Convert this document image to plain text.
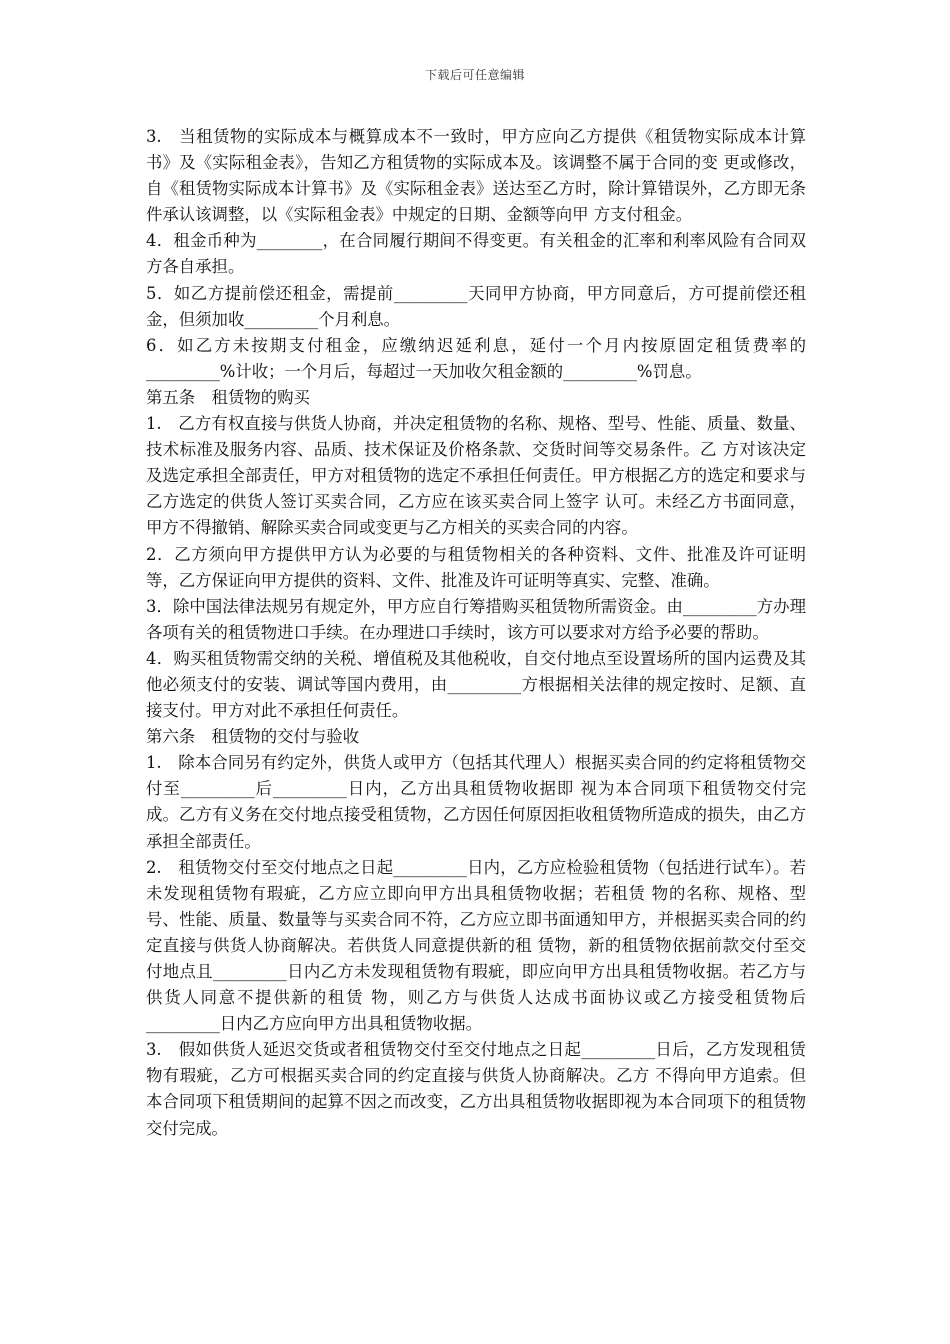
下载后可任意编辑

3.　当租赁物的实际成本与概算成本不一致时，甲方应向乙方提供《租赁物实际成本计算书》及《实际租金表》，告知乙方租赁物的实际成本及。该调整不属于合同的变 更或修改，自《租赁物实际成本计算书》及《实际租金表》送达至乙方时，除计算错误外，乙方即无条件承认该调整，以《实际租金表》中规定的日期、金额等向甲 方支付租金。

4．租金币种为________，在合同履行期间不得变更。有关租金的汇率和利率风险有合同双方各自承担。

5．如乙方提前偿还租金，需提前_________天同甲方协商，甲方同意后，方可提前偿还租金，但须加收_________个月利息。

6．如乙方未按期支付租金，应缴纳迟延利息，延付一个月内按原固定租赁费率的_________%计收；一个月后，每超过一天加收欠租金额的_________%罚息。

第五条　租赁物的购买

1.　乙方有权直接与供货人协商，并决定租赁物的名称、规格、型号、性能、质量、数量、技术标准及服务内容、品质、技术保证及价格条款、交货时间等交易条件。乙 方对该决定及选定承担全部责任，甲方对租赁物的选定不承担任何责任。甲方根据乙方的选定和要求与乙方选定的供货人签订买卖合同，乙方应在该买卖合同上签字 认可。未经乙方书面同意，甲方不得撤销、解除买卖合同或变更与乙方相关的买卖合同的内容。

2．乙方须向甲方提供甲方认为必要的与租赁物相关的各种资料、文件、批准及许可证明等，乙方保证向甲方提供的资料、文件、批准及许可证明等真实、完整、准确。

3．除中国法律法规另有规定外，甲方应自行筹措购买租赁物所需资金。由_________方办理各项有关的租赁物进口手续。在办理进口手续时，该方可以要求对方给予必要的帮助。

4．购买租赁物需交纳的关税、增值税及其他税收，自交付地点至设置场所的国内运费及其他必须支付的安装、调试等国内费用，由_________方根据相关法律的规定按时、足额、直接支付。甲方对此不承担任何责任。

第六条　租赁物的交付与验收

1.　除本合同另有约定外，供货人或甲方（包括其代理人）根据买卖合同的约定将租赁物交付至_________后_________日内，乙方出具租赁物收据即 视为本合同项下租赁物交付完成。乙方有义务在交付地点接受租赁物，乙方因任何原因拒收租赁物所造成的损失，由乙方承担全部责任。

2.　租赁物交付至交付地点之日起_________日内，乙方应检验租赁物（包括进行试车）。若未发现租赁物有瑕疵，乙方应立即向甲方出具租赁物收据；若租赁 物的名称、规格、型号、性能、质量、数量等与买卖合同不符，乙方应立即书面通知甲方，并根据买卖合同的约定直接与供货人协商解决。若供货人同意提供新的租 赁物，新的租赁物依据前款交付至交付地点且_________日内乙方未发现租赁物有瑕疵，即应向甲方出具租赁物收据。若乙方与供货人同意不提供新的租赁 物，则乙方与供货人达成书面协议或乙方接受租赁物后_________日内乙方应向甲方出具租赁物收据。

3.　假如供货人延迟交货或者租赁物交付至交付地点之日起_________日后，乙方发现租赁物有瑕疵，乙方可根据买卖合同的约定直接与供货人协商解决。乙方 不得向甲方追索。但本合同项下租赁期间的起算不因之而改变，乙方出具租赁物收据即视为本合同项下的租赁物交付完成。
